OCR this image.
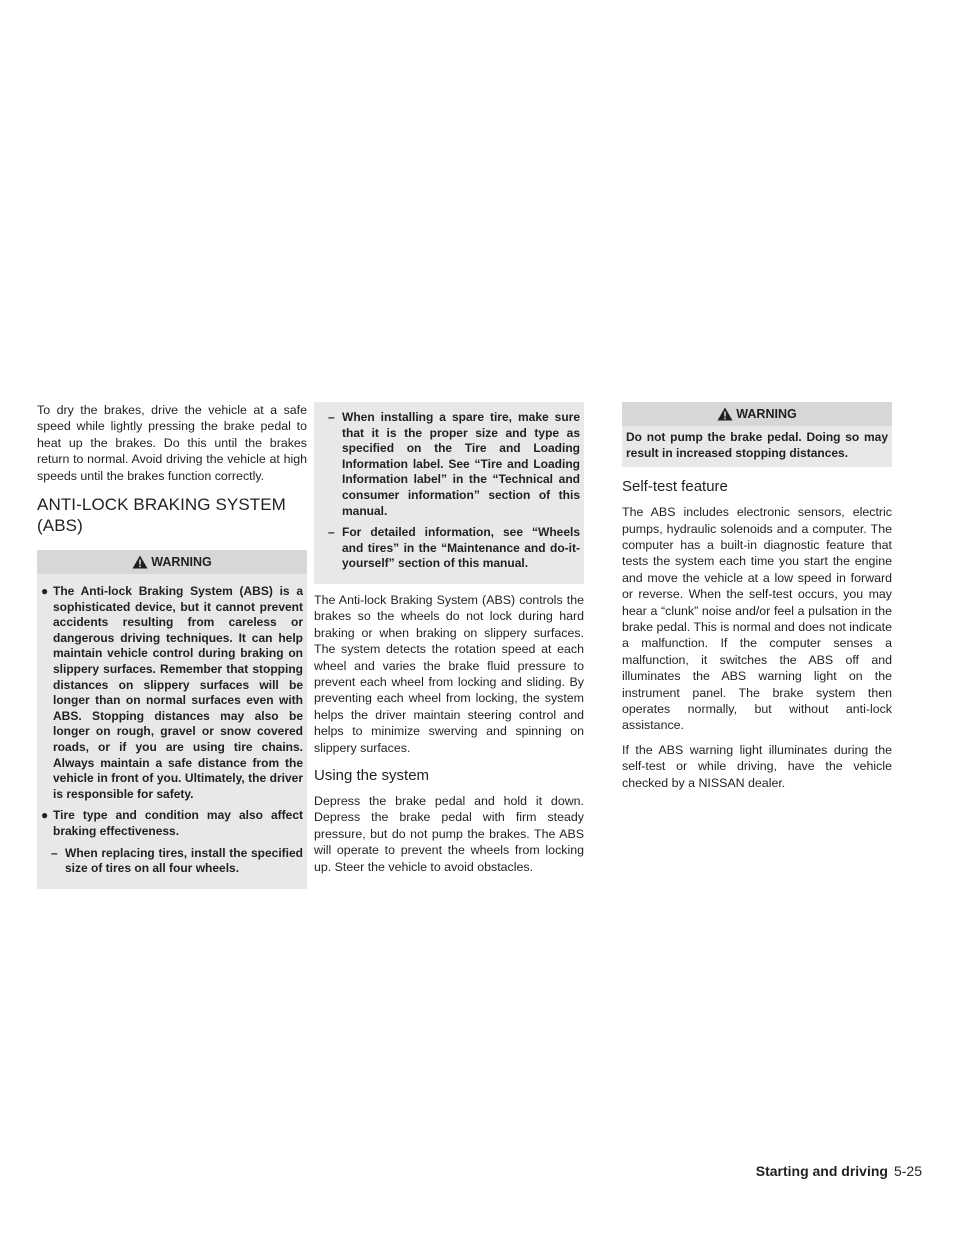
To dry the brakes, drive the vehicle at a safe speed while lightly pressing the brake pedal to heat up the brakes. Do this until the brakes return to normal. Avoid driving the vehicle at high speeds until the brakes function correctly.

ANTI-LOCK BRAKING SYSTEM (ABS)
WARNING
● The Anti-lock Braking System (ABS) is a sophisticated device, but it cannot prevent accidents resulting from careless or dangerous driving techniques. It can help maintain vehicle control during braking on slippery surfaces. Remember that stopping distances on slippery surfaces will be longer than on normal surfaces even with ABS. Stopping distances may also be longer on rough, gravel or snow covered roads, or if you are using tire chains. Always maintain a safe distance from the vehicle in front of you. Ultimately, the driver is responsible for safety.
● Tire type and condition may also affect braking effectiveness.
– When replacing tires, install the specified size of tires on all four wheels.
– When installing a spare tire, make sure that it is the proper size and type as specified on the Tire and Loading Information label. See “Tire and Loading Information label” in the “Technical and consumer information” section of this manual.
– For detailed information, see “Wheels and tires” in the “Maintenance and do-it-yourself” section of this manual.

The Anti-lock Braking System (ABS) controls the brakes so the wheels do not lock during hard braking or when braking on slippery surfaces. The system detects the rotation speed at each wheel and varies the brake fluid pressure to prevent each wheel from locking and sliding. By preventing each wheel from locking, the system helps the driver maintain steering control and helps to minimize swerving and spinning on slippery surfaces.

Using the system

Depress the brake pedal and hold it down. Depress the brake pedal with firm steady pressure, but do not pump the brakes. The ABS will operate to prevent the wheels from locking up. Steer the vehicle to avoid obstacles.

WARNING
Do not pump the brake pedal. Doing so may result in increased stopping distances.
Self-test feature

The ABS includes electronic sensors, electric pumps, hydraulic solenoids and a computer. The computer has a built-in diagnostic feature that tests the system each time you start the engine and move the vehicle at a low speed in forward or reverse. When the self-test occurs, you may hear a “clunk” noise and/or feel a pulsation in the brake pedal. This is normal and does not indicate a malfunction. If the computer senses a malfunction, it switches the ABS off and illuminates the ABS warning light on the instrument panel. The brake system then operates normally, but without anti-lock assistance.

If the ABS warning light illuminates during the self-test or while driving, have the vehicle checked by a NISSAN dealer.

Starting and driving 5-25
